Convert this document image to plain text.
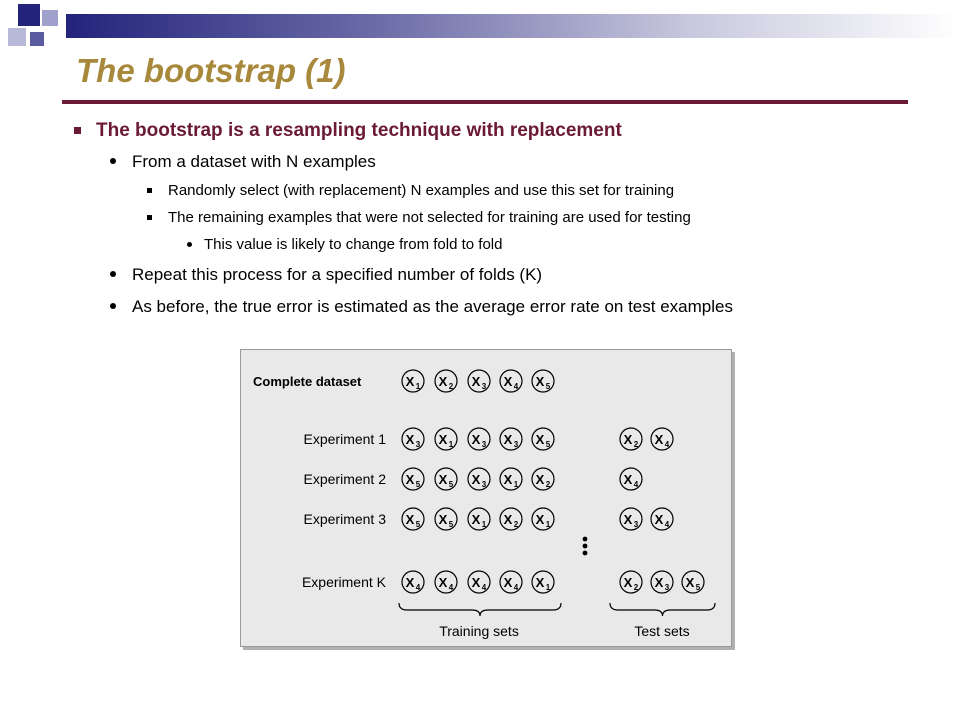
The bootstrap (1)
The bootstrap is a resampling technique with replacement
From a dataset with N examples
Randomly select (with replacement) N examples and use this set for training
The remaining examples that were not selected for training are used for testing
This value is likely to change from fold to fold
Repeat this process for a specified number of folds (K)
As before, the true error is estimated as the average error rate on test examples
Complete dataset	X 1 X 2 X 3 X 4 X 5
Experiment 1 X 3 X 1 X 3 X 3 X 5	X 2 X 4
Experiment 2 X 5 X 5 X 3 X 1 X 2	X 4
Experiment 3 X 5 X 5 X 1 X 2 X 1	X 3 X 4
Experiment K X 4 X 4 X 4 X 4 X 1	X 2 X 3 X 5
Training sets	Test sets
